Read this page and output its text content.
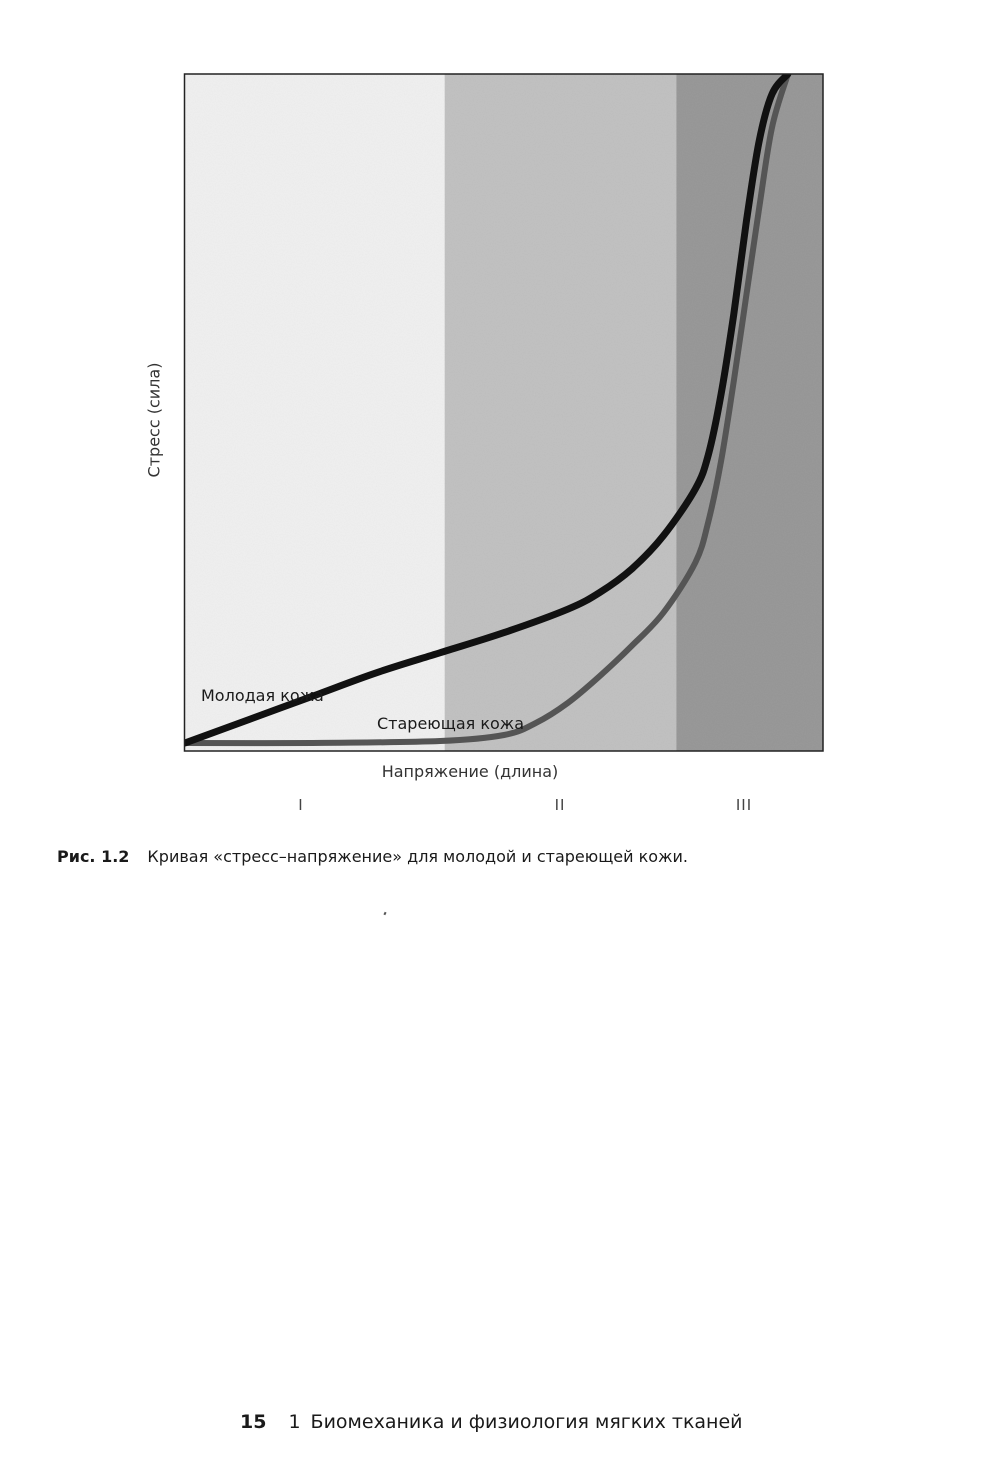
Стресс (сила)
Напряжение (длина)
I	II	III
Молодая кожа
Стареющая кожа
Рис. 1.2 Кривая «стресс–напряжение» для молодой и стареющей кожи.
15 1 Биомеханика и физиология мягких тканей
